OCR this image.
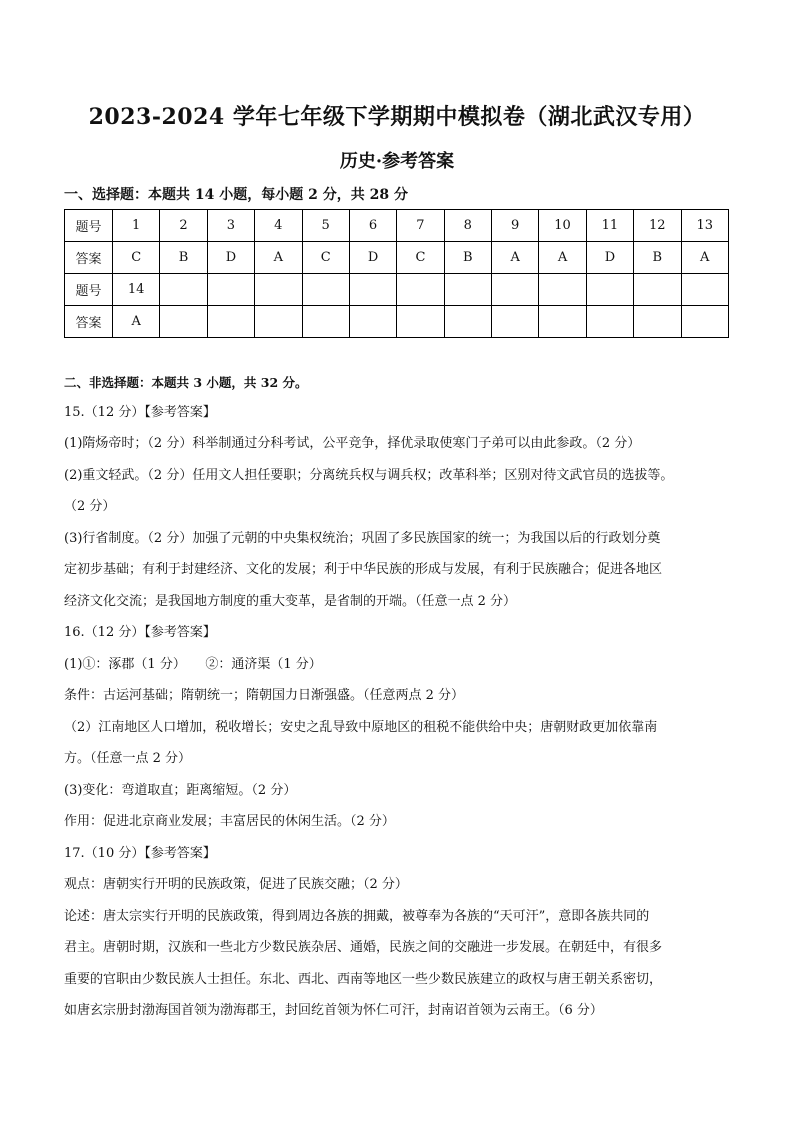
2023-2024 学年七年级下学期期中模拟卷（湖北武汉专用）
历史·参考答案
一、选择题：本题共 14 小题，每小题 2 分，共 28 分
题号	1	2	3	4	5	6	7	8	9	10	11	12	13
答案	C	B	D	A	C	D	C	B	A	A	D	B	A
题号	14												
答案	A												
二、非选择题：本题共 3 小题，共 32 分。
15.（12 分）【参考答案】
(1)隋炀帝时；（2 分）科举制通过分科考试，公平竞争，择优录取使寒门子弟可以由此参政。（2 分）
(2)重文轻武。（2 分）任用文人担任要职；分离统兵权与调兵权；改革科举；区别对待文武官员的选拔等。
（2 分）
(3)行省制度。（2 分）加强了元朝的中央集权统治；巩固了多民族国家的统一；为我国以后的行政划分奠
定初步基础；有利于封建经济、文化的发展；利于中华民族的形成与发展，有利于民族融合；促进各地区
经济文化交流；是我国地方制度的重大变革，是省制的开端。（任意一点 2 分）
16.（12 分）【参考答案】
(1)①：涿郡（1 分）　　②：通济渠（1 分）
条件：古运河基础；隋朝统一；隋朝国力日渐强盛。（任意两点 2 分）
（2）江南地区人口增加，税收增长；安史之乱导致中原地区的租税不能供给中央；唐朝财政更加依靠南
方。（任意一点 2 分）
(3)变化：弯道取直；距离缩短。（2 分）
作用：促进北京商业发展；丰富居民的休闲生活。（2 分）
17.（10 分）【参考答案】
观点：唐朝实行开明的民族政策，促进了民族交融；（2 分）
论述：唐太宗实行开明的民族政策，得到周边各族的拥戴，被尊奉为各族的“天可汗”，意即各族共同的
君主。唐朝时期，汉族和一些北方少数民族杂居、通婚，民族之间的交融进一步发展。在朝廷中，有很多
重要的官职由少数民族人士担任。东北、西北、西南等地区一些少数民族建立的政权与唐王朝关系密切，
如唐玄宗册封渤海国首领为渤海郡王，封回纥首领为怀仁可汗，封南诏首领为云南王。（6 分）
